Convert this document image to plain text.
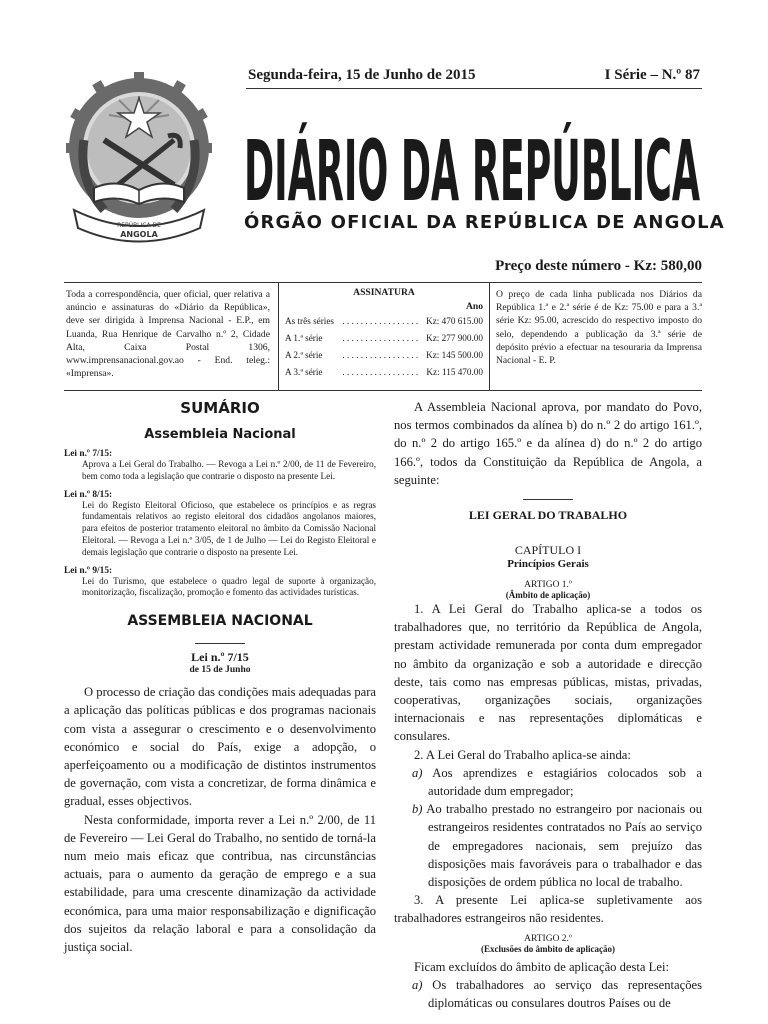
REPÚBLICA DE
ANGOLA
Segunda-feira, 15 de Junho de 2015	I Série – N.º 87
DIÁRIO DA REPÚBLICA
ÓRGÃO OFICIAL DA REPÚBLICA DE ANGOLA
Preço deste número - Kz: 580,00
Toda a correspondência, quer oficial, quer relativa a anúncio e assinaturas do «Diário da República», deve ser dirigida à Imprensa Nacional - E.P., em Luanda, Rua Henrique de Carvalho n.º 2, Cidade Alta, Caixa Postal 1306, www.imprensanacional.gov.ao - End. teleg.: «Imprensa».
ASSINATURA
Ano
As três séries . . . . . . . . . . . . . . . . . Kz: 470 615.00
A 1.ª série	. . . . . . . . . . . . . . . . . Kz: 277 900.00
A 2.ª série	. . . . . . . . . . . . . . . . . Kz: 145 500.00
A 3.ª série	. . . . . . . . . . . . . . . . . Kz: 115 470.00
O preço de cada linha publicada nos Diários da República 1.ª e 2.ª série é de Kz: 75.00 e para a 3.ª série Kz: 95.00, acrescido do respectivo imposto do selo, dependendo a publicação da 3.ª série de depósito prévio a efectuar na tesouraria da Imprensa Nacional - E. P.
SUMÁRIO
Assembleia Nacional
Lei n.º 7/15:
Aprova a Lei Geral do Trabalho. — Revoga a Lei n.º 2/00, de 11 de Fevereiro, bem como toda a legislação que contrarie o disposto na presente Lei.
Lei n.º 8/15:
Lei do Registo Eleitoral Oficioso, que estabelece os princípios e as regras fundamentais relativos ao registo eleitoral dos cidadãos angolanos maiores, para efeitos de posterior tratamento eleitoral no âmbito da Comissão Nacional Eleitoral. — Revoga a Lei n.º 3/05, de 1 de Julho — Lei do Registo Eleitoral e demais legislação que contrarie o disposto na presente Lei.
Lei n.º 9/15:
Lei do Turismo, que estabelece o quadro legal de suporte à organização, monitorização, fiscalização, promoção e fomento das actividades turísticas.
ASSEMBLEIA NACIONAL
Lei n.º 7/15
de 15 de Junho

O processo de criação das condições mais adequadas para a aplicação das políticas públicas e dos programas nacionais com vista a assegurar o crescimento e o desenvolvimento económico e social do País, exige a adopção, o aperfeiçoamento ou a modificação de distintos instrumentos de governação, com vista a concretizar, de forma dinâmica e gradual, esses objectivos.

Nesta conformidade, importa rever a Lei n.º 2/00, de 11 de Fevereiro — Lei Geral do Trabalho, no sentido de torná-la num meio mais eficaz que contribua, nas circunstâncias actuais, para o aumento da geração de emprego e a sua estabilidade, para uma crescente dinamização da actividade económica, para uma maior responsabilização e dignificação dos sujeitos da relação laboral e para a consolidação da justiça social.

A Assembleia Nacional aprova, por mandato do Povo, nos termos combinados da alínea b) do n.º 2 do artigo 161.º, do n.º 2 do artigo 165.º e da alínea d) do n.º 2 do artigo 166.º, todos da Constituição da República de Angola, a seguinte:

LEI GERAL DO TRABALHO
CAPÍTULO I
Princípios Gerais
ARTIGO 1.º
(Âmbito de aplicação)

1. A Lei Geral do Trabalho aplica-se a todos os trabalhadores que, no território da República de Angola, prestam actividade remunerada por conta dum empregador no âmbito da organização e sob a autoridade e direcção deste, tais como nas empresas públicas, mistas, privadas, cooperativas, organizações sociais, organizações internacionais e nas representações diplomáticas e consulares.

2. A Lei Geral do Trabalho aplica-se ainda:

a) Aos aprendizes e estagiários colocados sob a autoridade dum empregador;

b) Ao trabalho prestado no estrangeiro por nacionais ou estrangeiros residentes contratados no País ao serviço de empregadores nacionais, sem prejuízo das disposições mais favoráveis para o trabalhador e das disposições de ordem pública no local de trabalho.

3. A presente Lei aplica-se supletivamente aos trabalhadores estrangeiros não residentes.

ARTIGO 2.º
(Exclusões do âmbito de aplicação)

Ficam excluídos do âmbito de aplicação desta Lei:

a) Os trabalhadores ao serviço das representações diplomáticas ou consulares doutros Países ou de
